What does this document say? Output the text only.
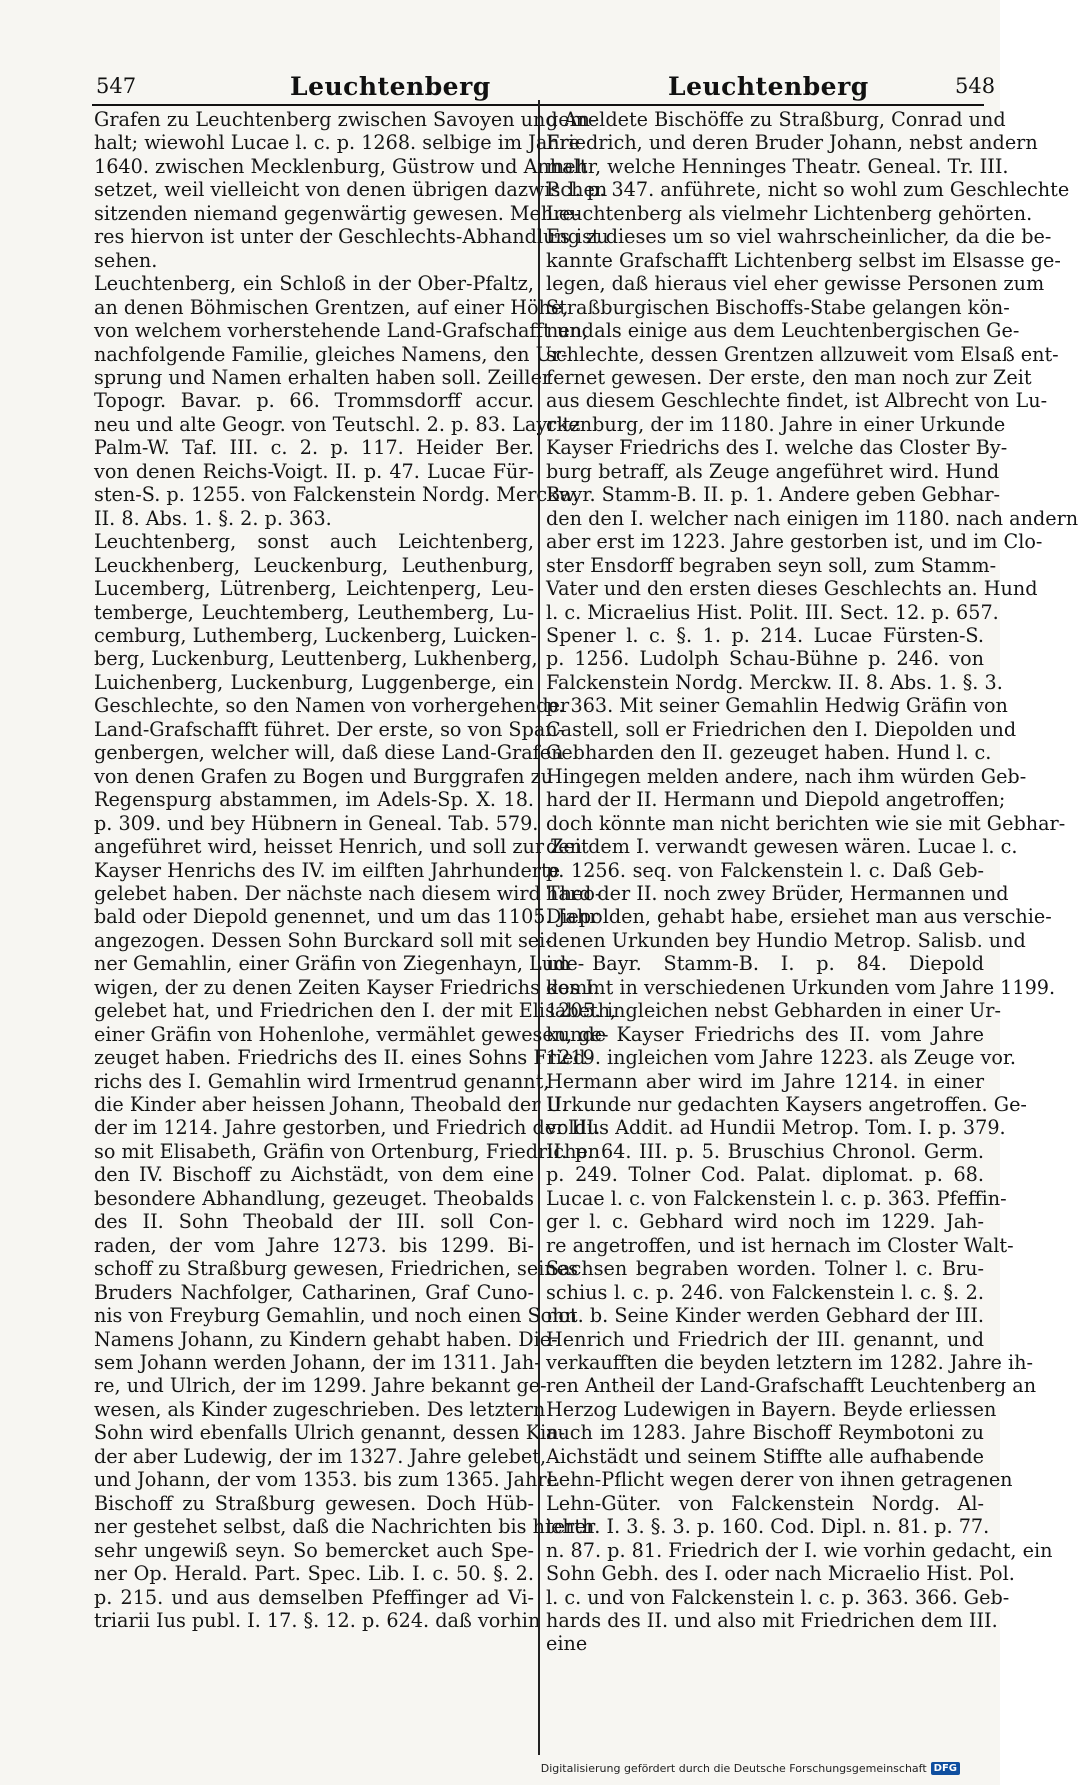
547	Leuchtenberg	Leuchtenberg	548

Grafen zu Leuchtenberg zwischen Savoyen und An-

halt; wiewohl Lucae l. c. p. 1268. selbige im Jahre

1640. zwischen Mecklenburg, Güstrow und Anhalt

setzet, weil vielleicht von denen übrigen dazwischen

sitzenden niemand gegenwärtig gewesen. Mehre-

res hiervon ist unter der Geschlechts-Abhandlung zu

sehen.

Leuchtenberg, ein Schloß in der Ober-Pfaltz,

an denen Böhmischen Grentzen, auf einer Höhe,

von welchem vorherstehende Land-Grafschafft und

nachfolgende Familie, gleiches Namens, den Ur-

sprung und Namen erhalten haben soll. Zeiller

Topogr. Bavar. p. 66. Trommsdorff accur.

neu und alte Geogr. von Teutschl. 2. p. 83. Layritz

Palm-W. Taf. III. c. 2. p. 117. Heider Ber.

von denen Reichs-Voigt. II. p. 47. Lucae Für-

sten-S. p. 1255. von Falckenstein Nordg. Merckw.

II. 8. Abs. 1. §. 2. p. 363.

Leuchtenberg, sonst auch Leichtenberg,

Leuckhenberg, Leuckenburg, Leuthenburg,

Lucemberg, Lütrenberg, Leichtenperg, Leu-

temberge, Leuchtemberg, Leuthemberg, Lu-

cemburg, Luthemberg, Luckenberg, Luicken-

berg, Luckenburg, Leuttenberg, Lukhenberg,

Luichenberg, Luckenburg, Luggenberge, ein

Geschlechte, so den Namen von vorhergehender

Land-Grafschafft führet. Der erste, so von Span-

genbergen, welcher will, daß diese Land-Grafen

von denen Grafen zu Bogen und Burggrafen zu

Regenspurg abstammen, im Adels-Sp. X. 18.

p. 309. und bey Hübnern in Geneal. Tab. 579.

angeführet wird, heisset Henrich, und soll zur Zeit

Kayser Henrichs des IV. im eilften Jahrhunderte

gelebet haben. Der nächste nach diesem wird Theo-

bald oder Diepold genennet, und um das 1105. Jahr

angezogen. Dessen Sohn Burckard soll mit sei-

ner Gemahlin, einer Gräfin von Ziegenhayn, Lude-

wigen, der zu denen Zeiten Kayser Friedrichs des I.

gelebet hat, und Friedrichen den I. der mit Elisabeth,

einer Gräfin von Hohenlohe, vermählet gewesen, ge-

zeuget haben. Friedrichs des II. eines Sohns Fried-

richs des I. Gemahlin wird Irmentrud genannt,

die Kinder aber heissen Johann, Theobald der II.

der im 1214. Jahre gestorben, und Friedrich der III.

so mit Elisabeth, Gräfin von Ortenburg, Friedrichen

den IV. Bischoff zu Aichstädt, von dem eine

besondere Abhandlung, gezeuget. Theobalds

des II. Sohn Theobald der III. soll Con-

raden, der vom Jahre 1273. bis 1299. Bi-

schoff zu Straßburg gewesen, Friedrichen, seines

Bruders Nachfolger, Catharinen, Graf Cuno-

nis von Freyburg Gemahlin, und noch einen Sohn

Namens Johann, zu Kindern gehabt haben. Die-

sem Johann werden Johann, der im 1311. Jah-

re, und Ulrich, der im 1299. Jahre bekannt ge-

wesen, als Kinder zugeschrieben. Des letztern

Sohn wird ebenfalls Ulrich genannt, dessen Kin-

der aber Ludewig, der im 1327. Jahre gelebet,

und Johann, der vom 1353. bis zum 1365. Jahre

Bischoff zu Straßburg gewesen. Doch Hüb-

ner gestehet selbst, daß die Nachrichten bis hieher

sehr ungewiß seyn. So bemercket auch Spe-

ner Op. Herald. Part. Spec. Lib. I. c. 50. §. 2.

p. 215. und aus demselben Pfeffinger ad Vi-

triarii Ius publ. I. 17. §. 12. p. 624. daß vorhin

gemeldete Bischöffe zu Straßburg, Conrad und

Friedrich, und deren Bruder Johann, nebst andern

mehr, welche Henninges Theatr. Geneal. Tr. III.

P. I. p. 347. anführete, nicht so wohl zum Geschlechte

Leuchtenberg als vielmehr Lichtenberg gehörten.

Es ist dieses um so viel wahrscheinlicher, da die be-

kannte Grafschafft Lichtenberg selbst im Elsasse ge-

legen, daß hieraus viel eher gewisse Personen zum

Straßburgischen Bischoffs-Stabe gelangen kön-

nen, als einige aus dem Leuchtenbergischen Ge-

schlechte, dessen Grentzen allzuweit vom Elsaß ent-

fernet gewesen. Der erste, den man noch zur Zeit

aus diesem Geschlechte findet, ist Albrecht von Lu-

ckenburg, der im 1180. Jahre in einer Urkunde

Kayser Friedrichs des I. welche das Closter By-

burg betraff, als Zeuge angeführet wird. Hund

Bayr. Stamm-B. II. p. 1. Andere geben Gebhar-

den den I. welcher nach einigen im 1180. nach andern

aber erst im 1223. Jahre gestorben ist, und im Clo-

ster Ensdorff begraben seyn soll, zum Stamm-

Vater und den ersten dieses Geschlechts an. Hund

l. c. Micraelius Hist. Polit. III. Sect. 12. p. 657.

Spener l. c. §. 1. p. 214. Lucae Fürsten-S.

p. 1256. Ludolph Schau-Bühne p. 246. von

Falckenstein Nordg. Merckw. II. 8. Abs. 1. §. 3.

p. 363. Mit seiner Gemahlin Hedwig Gräfin von

Castell, soll er Friedrichen den I. Diepolden und

Gebharden den II. gezeuget haben. Hund l. c.

Hingegen melden andere, nach ihm würden Geb-

hard der II. Hermann und Diepold angetroffen;

doch könnte man nicht berichten wie sie mit Gebhar-

den dem I. verwandt gewesen wären. Lucae l. c.

p. 1256. seq. von Falckenstein l. c. Daß Geb-

hard der II. noch zwey Brüder, Hermannen und

Diepolden, gehabt habe, ersiehet man aus verschie-

denen Urkunden bey Hundio Metrop. Salisb. und

im Bayr. Stamm-B. I. p. 84. Diepold

kommt in verschiedenen Urkunden vom Jahre 1199.

1205. ingleichen nebst Gebharden in einer Ur-

kunde Kayser Friedrichs des II. vom Jahre

1219. ingleichen vom Jahre 1223. als Zeuge vor.

Hermann aber wird im Jahre 1214. in einer

Urkunde nur gedachten Kaysers angetroffen. Ge-

voldus Addit. ad Hundii Metrop. Tom. I. p. 379.

II. p. 64. III. p. 5. Bruschius Chronol. Germ.

p. 249. Tolner Cod. Palat. diplomat. p. 68.

Lucae l. c. von Falckenstein l. c. p. 363. Pfeffin-

ger l. c. Gebhard wird noch im 1229. Jah-

re angetroffen, und ist hernach im Closter Walt-

Sachsen begraben worden. Tolner l. c. Bru-

schius l. c. p. 246. von Falckenstein l. c. §. 2.

not. b. Seine Kinder werden Gebhard der III.

Henrich und Friedrich der III. genannt, und

verkaufften die beyden letztern im 1282. Jahre ih-

ren Antheil der Land-Grafschafft Leuchtenberg an

Herzog Ludewigen in Bayern. Beyde erliessen

auch im 1283. Jahre Bischoff Reymbotoni zu

Aichstädt und seinem Stiffte alle aufhabende

Lehn-Pflicht wegen derer von ihnen getragenen

Lehn-Güter. von Falckenstein Nordg. Al-

terth. I. 3. §. 3. p. 160. Cod. Dipl. n. 81. p. 77.

n. 87. p. 81. Friedrich der I. wie vorhin gedacht, ein

Sohn Gebh. des I. oder nach Micraelio Hist. Pol.

l. c. und von Falckenstein l. c. p. 363. 366. Geb-

hards des II. und also mit Friedrichen dem III.

eine

Digitalisierung gefördert durch die Deutsche Forschungsgemeinschaft DFG
